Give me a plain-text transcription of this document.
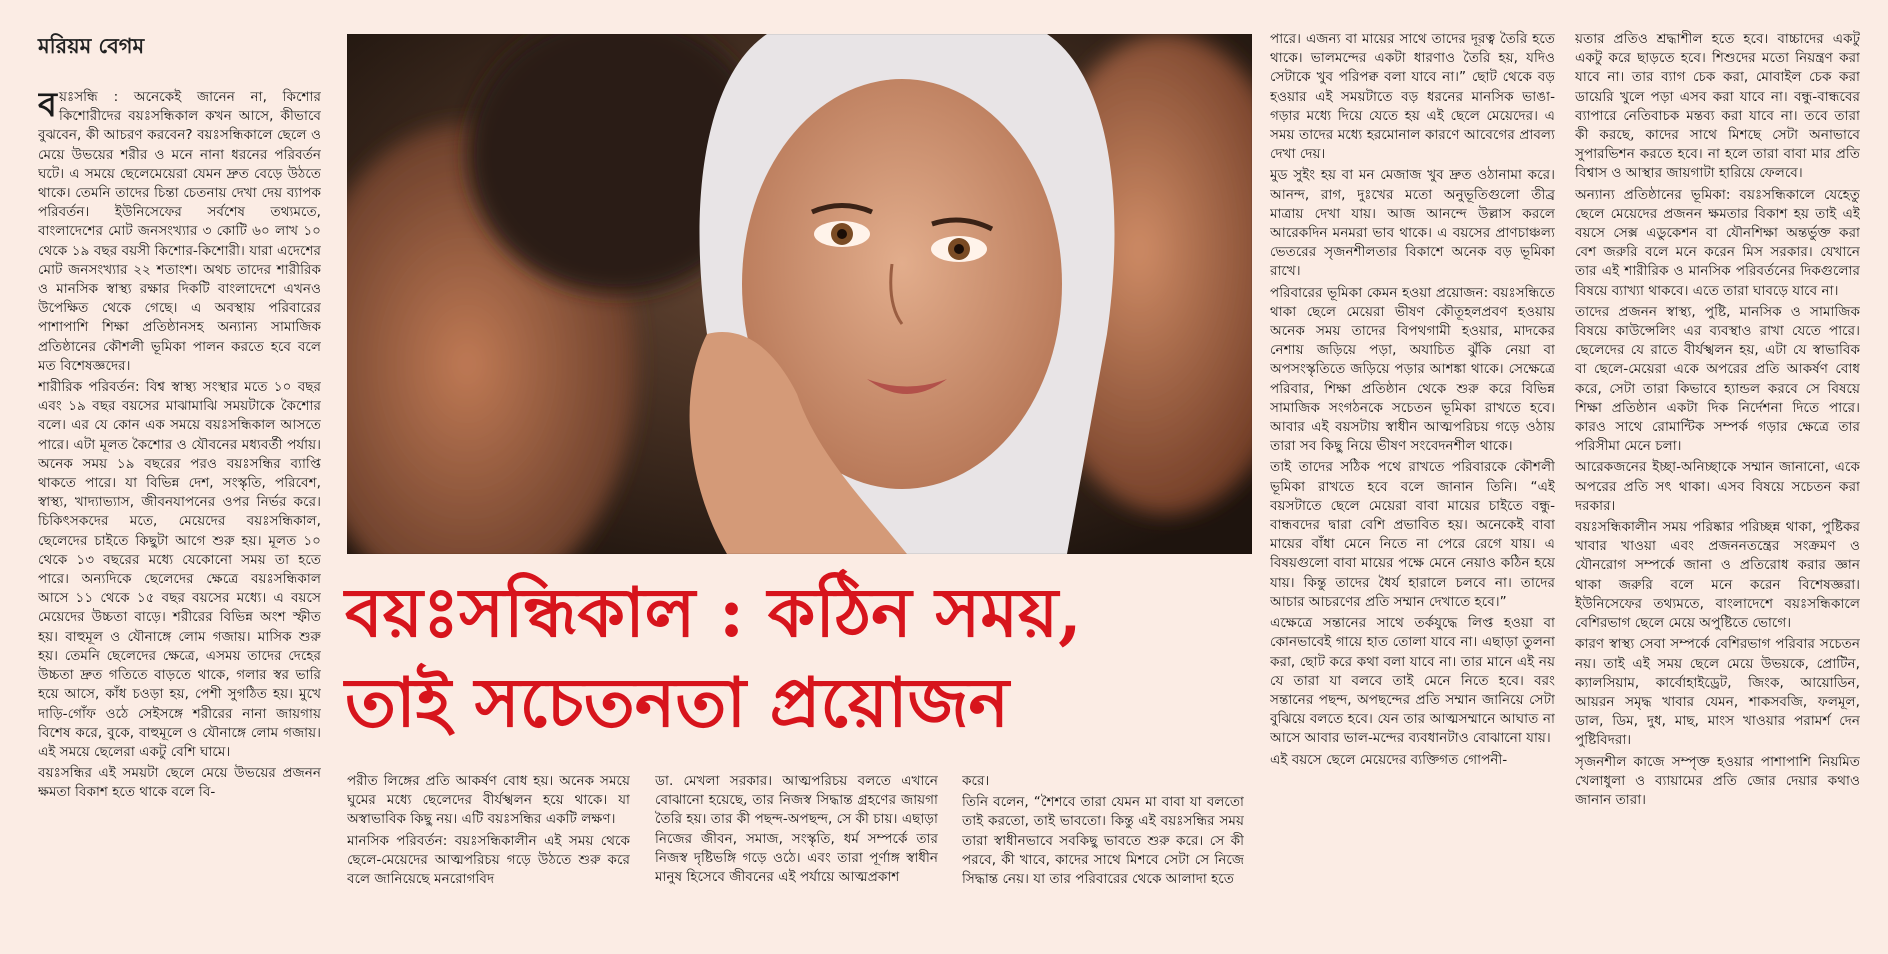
মরিয়ম বেগম

বয়ঃসন্ধি : অনেকেই জানেন না, কিশোর কিশোরীদের বয়ঃসন্ধিকাল কখন আসে, কীভাবে বুঝবেন, কী আচরণ করবেন? বয়ঃসন্ধিকালে ছেলে ও মেয়ে উভয়ের শরীর ও মনে নানা ধরনের পরিবর্তন ঘটে। এ সময়ে ছেলেমেয়েরা যেমন দ্রুত বেড়ে উঠতে থাকে। তেমনি তাদের চিন্তা চেতনায় দেখা দেয় ব্যাপক পরিবর্তন। ইউনিসেফের সর্বশেষ তথ্যমতে, বাংলাদেশের মোট জনসংখ্যার ৩ কোটি ৬০ লাখ ১০ থেকে ১৯ বছর বয়সী কিশোর-কিশোরী। যারা এদেশের মোট জনসংখ্যার ২২ শতাংশ। অথচ তাদের শারীরিক ও মানসিক স্বাস্থ্য রক্ষার দিকটি বাংলাদেশে এখনও উপেক্ষিত থেকে গেছে। এ অবস্থায় পরিবারের পাশাপাশি শিক্ষা প্রতিষ্ঠানসহ অন্যান্য সামাজিক প্রতিষ্ঠানের কৌশলী ভূমিকা পালন করতে হবে বলে মত বিশেষজ্ঞদের।

শারীরিক পরিবর্তন: বিশ্ব স্বাস্থ্য সংস্থার মতে ১০ বছর এবং ১৯ বছর বয়সের মাঝামাঝি সময়টাকে কৈশোর বলে। এর যে কোন এক সময়ে বয়ঃসন্ধিকাল আসতে পারে। এটা মূলত কৈশোর ও যৌবনের মধ্যবর্তী পর্যায়। অনেক সময় ১৯ বছরের পরও বয়ঃসন্ধির ব্যাপ্তি থাকতে পারে। যা বিভিন্ন দেশ, সংস্কৃতি, পরিবেশ, স্বাস্থ্য, খাদ্যাভ্যাস, জীবনযাপনের ওপর নির্ভর করে। চিকিৎসকদের মতে, মেয়েদের বয়ঃসন্ধিকাল, ছেলেদের চাইতে কিছুটা আগে শুরু হয়। মূলত ১০ থেকে ১৩ বছরের মধ্যে যেকোনো সময় তা হতে পারে। অন্যদিকে ছেলেদের ক্ষেত্রে বয়ঃসন্ধিকাল আসে ১১ থেকে ১৫ বছর বয়সের মধ্যে। এ বয়সে মেয়েদের উচ্চতা বাড়ে। শরীরের বিভিন্ন অংশ স্ফীত হয়। বাহুমূল ও যৌনাঙ্গে লোম গজায়। মাসিক শুরু হয়। তেমনি ছেলেদের ক্ষেত্রে, এসময় তাদের দেহের উচ্চতা দ্রুত গতিতে বাড়তে থাকে, গলার স্বর ভারি হয়ে আসে, কাঁধ চওড়া হয়, পেশী সুগঠিত হয়। মুখে দাড়ি-গোঁফ ওঠে সেইসঙ্গে শরীরের নানা জায়গায় বিশেষ করে, বুকে, বাহুমূলে ও যৌনাঙ্গে লোম গজায়। এই সময়ে ছেলেরা একটু বেশি ঘামে।

বয়ঃসন্ধির এই সময়টা ছেলে মেয়ে উভয়ের প্রজনন ক্ষমতা বিকাশ হতে থাকে বলে বি-

বয়ঃসন্ধিকাল : কঠিন সময়,
তাই সচেতনতা প্রয়োজন

পরীত লিঙ্গের প্রতি আকর্ষণ বোধ হয়। অনেক সময়ে ঘুমের মধ্যে ছেলেদের বীর্যস্খলন হয়ে থাকে। যা অস্বাভাবিক কিছু নয়। এটি বয়ঃসন্ধির একটি লক্ষণ।

মানসিক পরিবর্তন: বয়ঃসন্ধিকালীন এই সময় থেকে ছেলে-মেয়েদের আত্মপরিচয় গড়ে উঠতে শুরু করে বলে জানিয়েছে মনরোগবিদ

ডা. মেখলা সরকার। আত্মপরিচয় বলতে এখানে বোঝানো হয়েছে, তার নিজস্ব সিদ্ধান্ত গ্রহণের জায়গা তৈরি হয়। তার কী পছন্দ-অপছন্দ, সে কী চায়। এছাড়া নিজের জীবন, সমাজ, সংস্কৃতি, ধর্ম সম্পর্কে তার নিজস্ব দৃষ্টিভঙ্গি গড়ে ওঠে। এবং তারা পূর্ণাঙ্গ স্বাধীন মানুষ হিসেবে জীবনের এই পর্যায়ে আত্মপ্রকাশ

করে।

তিনি বলেন, “শৈশবে তারা যেমন মা বাবা যা বলতো তাই করতো, তাই ভাবতো। কিন্তু এই বয়ঃসন্ধির সময় তারা স্বাধীনভাবে সবকিছু ভাবতে শুরু করে। সে কী পরবে, কী খাবে, কাদের সাথে মিশবে সেটা সে নিজে সিদ্ধান্ত নেয়। যা তার পরিবারের থেকে আলাদা হতে

পারে। এজন্য বা মায়ের সাথে তাদের দূরত্ব তৈরি হতে থাকে। ভালমন্দের একটা ধারণাও তৈরি হয়, যদিও সেটাকে খুব পরিপক্ব বলা যাবে না।” ছোট থেকে বড় হওয়ার এই সময়টাতে বড় ধরনের মানসিক ভাঙা-গড়ার মধ্যে দিয়ে যেতে হয় এই ছেলে মেয়েদের। এ সময় তাদের মধ্যে হরমোনাল কারণে আবেগের প্রাবল্য দেখা দেয়।

মুড সুইং হয় বা মন মেজাজ খুব দ্রুত ওঠানামা করে। আনন্দ, রাগ, দুঃখের মতো অনুভূতিগুলো তীব্র মাত্রায় দেখা যায়। আজ আনন্দে উল্লাস করলে আরেকদিন মনমরা ভাব থাকে। এ বয়সের প্রাণচাঞ্চল্য ভেতরের সৃজনশীলতার বিকাশে অনেক বড় ভূমিকা রাখে।

পরিবারের ভূমিকা কেমন হওয়া প্রয়োজন: বয়ঃসন্ধিতে থাকা ছেলে মেয়েরা ভীষণ কৌতূহলপ্রবণ হওয়ায় অনেক সময় তাদের বিপথগামী হওয়ার, মাদকের নেশায় জড়িয়ে পড়া, অযাচিত ঝুঁকি নেয়া বা অপসংস্কৃতিতে জড়িয়ে পড়ার আশঙ্কা থাকে। সেক্ষেত্রে পরিবার, শিক্ষা প্রতিষ্ঠান থেকে শুরু করে বিভিন্ন সামাজিক সংগঠনকে সচেতন ভূমিকা রাখতে হবে। আবার এই বয়সটায় স্বাধীন আত্মপরিচয় গড়ে ওঠায় তারা সব কিছু নিয়ে ভীষণ সংবেদনশীল থাকে।

তাই তাদের সঠিক পথে রাখতে পরিবারকে কৌশলী ভূমিকা রাখতে হবে বলে জানান তিনি। “এই বয়সটাতে ছেলে মেয়েরা বাবা মায়ের চাইতে বন্ধু-বান্ধবদের দ্বারা বেশি প্রভাবিত হয়। অনেকেই বাবা মায়ের বাঁধা মেনে নিতে না পেরে রেগে যায়। এ বিষয়গুলো বাবা মায়ের পক্ষে মেনে নেয়াও কঠিন হয়ে যায়। কিন্তু তাদের ধৈর্য হারালে চলবে না। তাদের আচার আচরণের প্রতি সম্মান দেখাতে হবে।”

এক্ষেত্রে সন্তানের সাথে তর্কযুদ্ধে লিপ্ত হওয়া বা কোনভাবেই গায়ে হাত তোলা যাবে না। এছাড়া তুলনা করা, ছোট করে কথা বলা যাবে না। তার মানে এই নয় যে তারা যা বলবে তাই মেনে নিতে হবে। বরং সন্তানের পছন্দ, অপছন্দের প্রতি সম্মান জানিয়ে সেটা বুঝিয়ে বলতে হবে। যেন তার আত্মসম্মানে আঘাত না আসে আবার ভাল-মন্দের ব্যবধানটাও বোঝানো যায়।

এই বয়সে ছেলে মেয়েদের ব্যক্তিগত গোপনী-

য়তার প্রতিও শ্রদ্ধাশীল হতে হবে। বাচ্চাদের একটু একটু করে ছাড়তে হবে। শিশুদের মতো নিয়ন্ত্রণ করা যাবে না। তার ব্যাগ চেক করা, মোবাইল চেক করা ডায়েরি খুলে পড়া এসব করা যাবে না। বন্ধু-বান্ধবের ব্যাপারে নেতিবাচক মন্তব্য করা যাবে না। তবে তারা কী করছে, কাদের সাথে মিশছে সেটা অনাভাবে সুপারভিশন করতে হবে। না হলে তারা বাবা মার প্রতি বিশ্বাস ও আস্থার জায়গাটা হারিয়ে ফেলবে।

অন্যান্য প্রতিষ্ঠানের ভূমিকা: বয়ঃসন্ধিকালে যেহেতু ছেলে মেয়েদের প্রজনন ক্ষমতার বিকাশ হয় তাই এই বয়সে সেক্স এডুকেশন বা যৌনশিক্ষা অন্তর্ভুক্ত করা বেশ জরুরি বলে মনে করেন মিস সরকার। যেখানে তার এই শারীরিক ও মানসিক পরিবর্তনের দিকগুলোর বিষয়ে ব্যাখ্যা থাকবে। এতে তারা ঘাবড়ে যাবে না।

তাদের প্রজনন স্বাস্থ্য, পুষ্টি, মানসিক ও সামাজিক বিষয়ে কাউন্সেলিং এর ব্যবস্থাও রাখা যেতে পারে। ছেলেদের যে রাতে বীর্যস্খলন হয়, এটা যে স্বাভাবিক বা ছেলে-মেয়েরা একে অপরের প্রতি আকর্ষণ বোধ করে, সেটা তারা কিভাবে হ্যান্ডল করবে সে বিষয়ে শিক্ষা প্রতিষ্ঠান একটা দিক নির্দেশনা দিতে পারে। কারও সাথে রোমান্টিক সম্পর্ক গড়ার ক্ষেত্রে তার পরিসীমা মেনে চলা।

আরেকজনের ইচ্ছা-অনিচ্ছাকে সম্মান জানানো, একে অপরের প্রতি সৎ থাকা। এসব বিষয়ে সচেতন করা দরকার।

বয়ঃসন্ধিকালীন সময় পরিষ্কার পরিচ্ছন্ন থাকা, পুষ্টিকর খাবার খাওয়া এবং প্রজননতন্ত্রের সংক্রমণ ও যৌনরোগ সম্পর্কে জানা ও প্রতিরোধ করার জ্ঞান থাকা জরুরি বলে মনে করেন বিশেষজ্ঞরা। ইউনিসেফের তথ্যমতে, বাংলাদেশে বয়ঃসন্ধিকালে বেশিরভাগ ছেলে মেয়ে অপুষ্টিতে ভোগে।

কারণ স্বাস্থ্য সেবা সম্পর্কে বেশিরভাগ পরিবার সচেতন নয়। তাই এই সময় ছেলে মেয়ে উভয়কে, প্রোটিন, ক্যালসিয়াম, কার্বোহাইড্রেট, জিংক, আয়োডিন, আয়রন সমৃদ্ধ খাবার যেমন, শাকসবজি, ফলমূল, ডাল, ডিম, দুধ, মাছ, মাংস খাওয়ার পরামর্শ দেন পুষ্টিবিদরা।

সৃজনশীল কাজে সম্পৃক্ত হওয়ার পাশাপাশি নিয়মিত খেলাধুলা ও ব্যায়ামের প্রতি জোর দেয়ার কথাও জানান তারা।
